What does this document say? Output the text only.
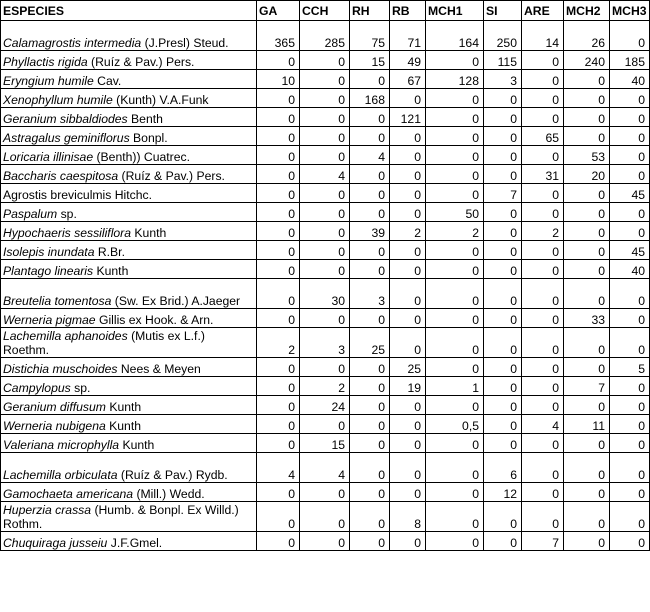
ESPECIES	GA	CCH	RH	RB	MCH1	SI	ARE	MCH2	MCH3
Calamagrostis intermedia (J.Presl) Steud.	365	285	75	71	164	250	14	26	0
Phyllactis rigida (Ruíz & Pav.) Pers.	0	0	15	49	0	115	0	240	185
Eryngium humile Cav.	10	0	0	67	128	3	0	0	40
Xenophyllum humile (Kunth) V.A.Funk	0	0	168	0	0	0	0	0	0
Geranium sibbaldiodes Benth	0	0	0	121	0	0	0	0	0
Astragalus geminiflorus Bonpl.	0	0	0	0	0	0	65	0	0
Loricaria illinisae (Benth)) Cuatrec.	0	0	4	0	0	0	0	53	0
Baccharis caespitosa (Ruíz & Pav.) Pers.	0	4	0	0	0	0	31	20	0
Agrostis breviculmis Hitchc.	0	0	0	0	0	7	0	0	45
Paspalum sp.	0	0	0	0	50	0	0	0	0
Hypochaeris sessiliflora Kunth	0	0	39	2	2	0	2	0	0
Isolepis inundata R.Br.	0	0	0	0	0	0	0	0	45
Plantago linearis Kunth	0	0	0	0	0	0	0	0	40
Breutelia tomentosa (Sw. Ex Brid.) A.Jaeger	0	30	3	0	0	0	0	0	0
Werneria pigmae Gillis ex Hook. & Arn.	0	0	0	0	0	0	0	33	0
Lachemilla aphanoides (Mutis ex L.f.) Roethm.	2	3	25	0	0	0	0	0	0
Distichia muschoides Nees & Meyen	0	0	0	25	0	0	0	0	5
Campylopus sp.	0	2	0	19	1	0	0	7	0
Geranium diffusum Kunth	0	24	0	0	0	0	0	0	0
Werneria nubigena Kunth	0	0	0	0	0,5	0	4	11	0
Valeriana microphylla Kunth	0	15	0	0	0	0	0	0	0
Lachemilla orbiculata (Ruíz & Pav.) Rydb.	4	4	0	0	0	6	0	0	0
Gamochaeta americana (Mill.) Wedd.	0	0	0	0	0	12	0	0	0
Huperzia crassa (Humb. & Bonpl. Ex Willd.) Rothm.	0	0	0	8	0	0	0	0	0
Chuquiraga jusseiu J.F.Gmel.	0	0	0	0	0	0	7	0	0
